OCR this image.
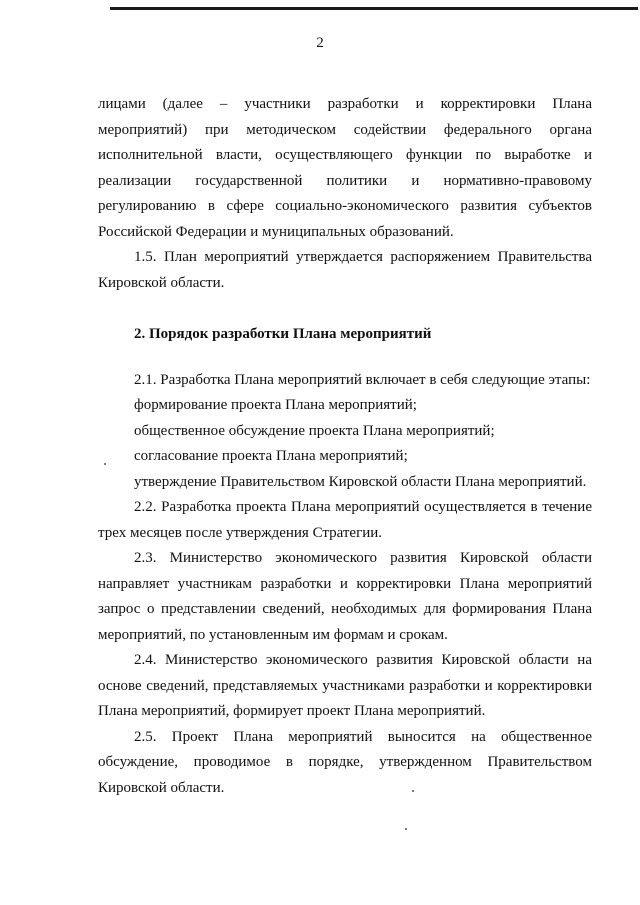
2

лицами (далее – участники разработки и корректировки Плана мероприятий) при методическом содействии федерального органа исполнительной власти, осуществляющего функции по выработке и реализации государственной политики и нормативно-правовому регулированию в сфере социально-экономического развития субъектов Российской Федерации и муниципальных образований.

1.5. План мероприятий утверждается распоряжением Правительства Кировской области.

2. Порядок разработки Плана мероприятий

2.1. Разработка Плана мероприятий включает в себя следующие этапы:

формирование проекта Плана мероприятий;

общественное обсуждение проекта Плана мероприятий;

согласование проекта Плана мероприятий;

утверждение Правительством Кировской области Плана мероприятий.

2.2. Разработка проекта Плана мероприятий осуществляется в течение трех месяцев после утверждения Стратегии.

2.3. Министерство экономического развития Кировской области направляет участникам разработки и корректировки Плана мероприятий запрос о представлении сведений, необходимых для формирования Плана мероприятий, по установленным им формам и срокам.

2.4. Министерство экономического развития Кировской области на основе сведений, представляемых участниками разработки и корректировки Плана мероприятий, формирует проект Плана мероприятий.

2.5. Проект Плана мероприятий выносится на общественное обсуждение, проводимое в порядке, утвержденном Правительством Кировской области.
